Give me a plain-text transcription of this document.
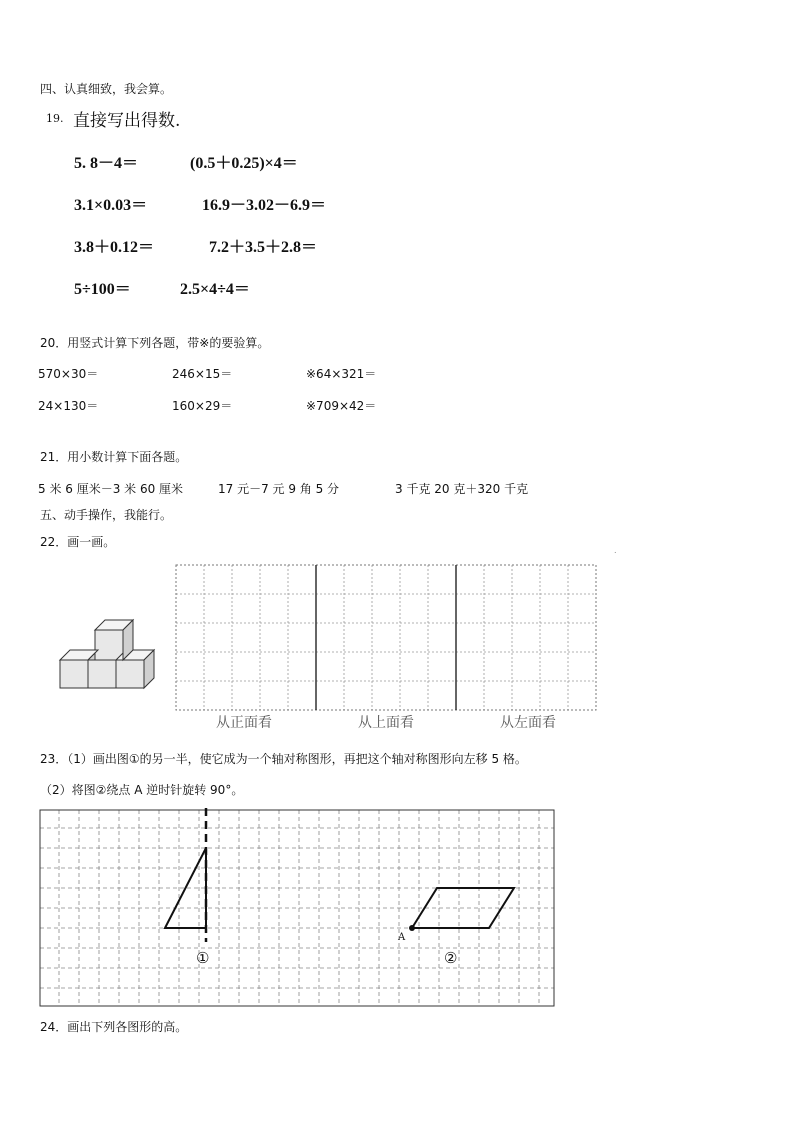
四、认真细致，我会算。
19. 直接写出得数.
5. 8－4＝	(0.5＋0.25)×4＝
3.1×0.03＝	16.9－3.02－6.9＝
3.8＋0.12＝	7.2＋3.5＋2.8＝
5÷100＝	2.5×4÷4＝
20．用竖式计算下列各题，带※的要验算。
570×30＝	246×15＝	※64×321＝
24×130＝	160×29＝	※709×42＝
21．用小数计算下面各题。
5 米 6 厘米－3 米 60 厘米	17 元－7 元 9 角 5 分	3 千克 20 克＋320 千克
五、动手操作，我能行。
22．画一画。
.
从正面看	从上面看	从左面看
23．（1）画出图①的另一半，使它成为一个轴对称图形，再把这个轴对称图形向左移 5 格。
（2）将图②绕点 A 逆时针旋转 90°。
①	②
A
24．画出下列各图形的高。
